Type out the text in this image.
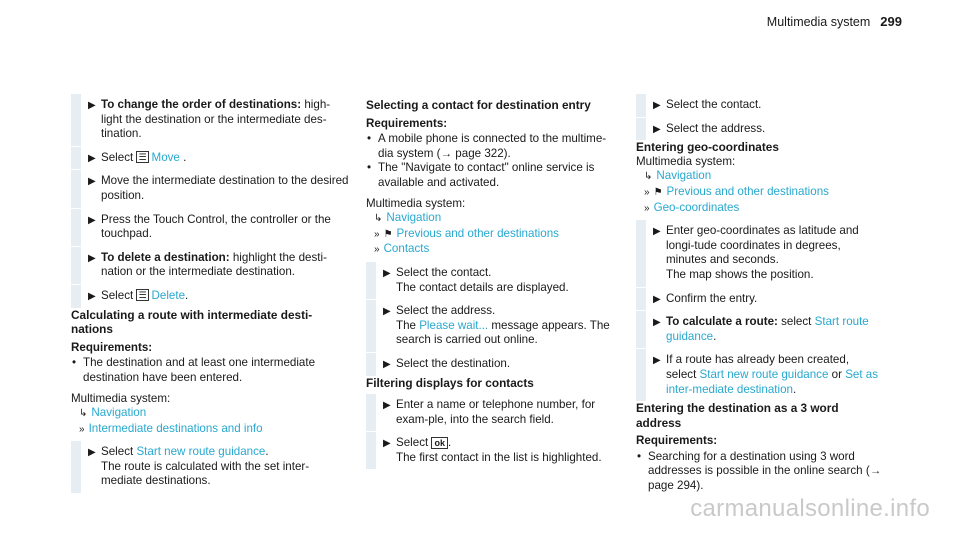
Multimedia system 299
▶ To change the order of destinations: high-light the destination or the intermediate des-tination.
▶ Select ☰ Move .
▶ Move the intermediate destination to the desired position.
▶ Press the Touch Control, the controller or the touchpad.
▶ To delete a destination: highlight the desti-nation or the intermediate destination.
▶ Select ☰ Delete.
Calculating a route with intermediate desti-nations
Requirements:
• The destination and at least one intermediate destination have been entered.
Multimedia system:
↳ Navigation
» Intermediate destinations and info
▶ Select Start new route guidance.
The route is calculated with the set inter-mediate destinations.
Selecting a contact for destination entry
Requirements:
• A mobile phone is connected to the multime-dia system (→ page 322).
• The "Navigate to contact" online service is available and activated.
Multimedia system:
↳ Navigation
» ⚑ Previous and other destinations
» Contacts
▶ Select the contact.
The contact details are displayed.
▶ Select the address.
The Please wait... message appears. The search is carried out online.
▶ Select the destination.
Filtering displays for contacts
▶ Enter a name or telephone number, for exam-ple, into the search field.
▶ Select ok .
The first contact in the list is highlighted.
▶ Select the contact.
▶ Select the address.
Entering geo-coordinates
Multimedia system:
↳ Navigation
» ⚑ Previous and other destinations
» Geo-coordinates
▶ Enter geo-coordinates as latitude and longi-tude coordinates in degrees, minutes and seconds.
The map shows the position.
▶ Confirm the entry.
▶ To calculate a route: select Start route guidance.
▶ If a route has already been created, select Start new route guidance or Set as inter-mediate destination.
Entering the destination as a 3 word address
Requirements:
• Searching for a destination using 3 word addresses is possible in the online search (→ page 294).
carmanualsonline.info
